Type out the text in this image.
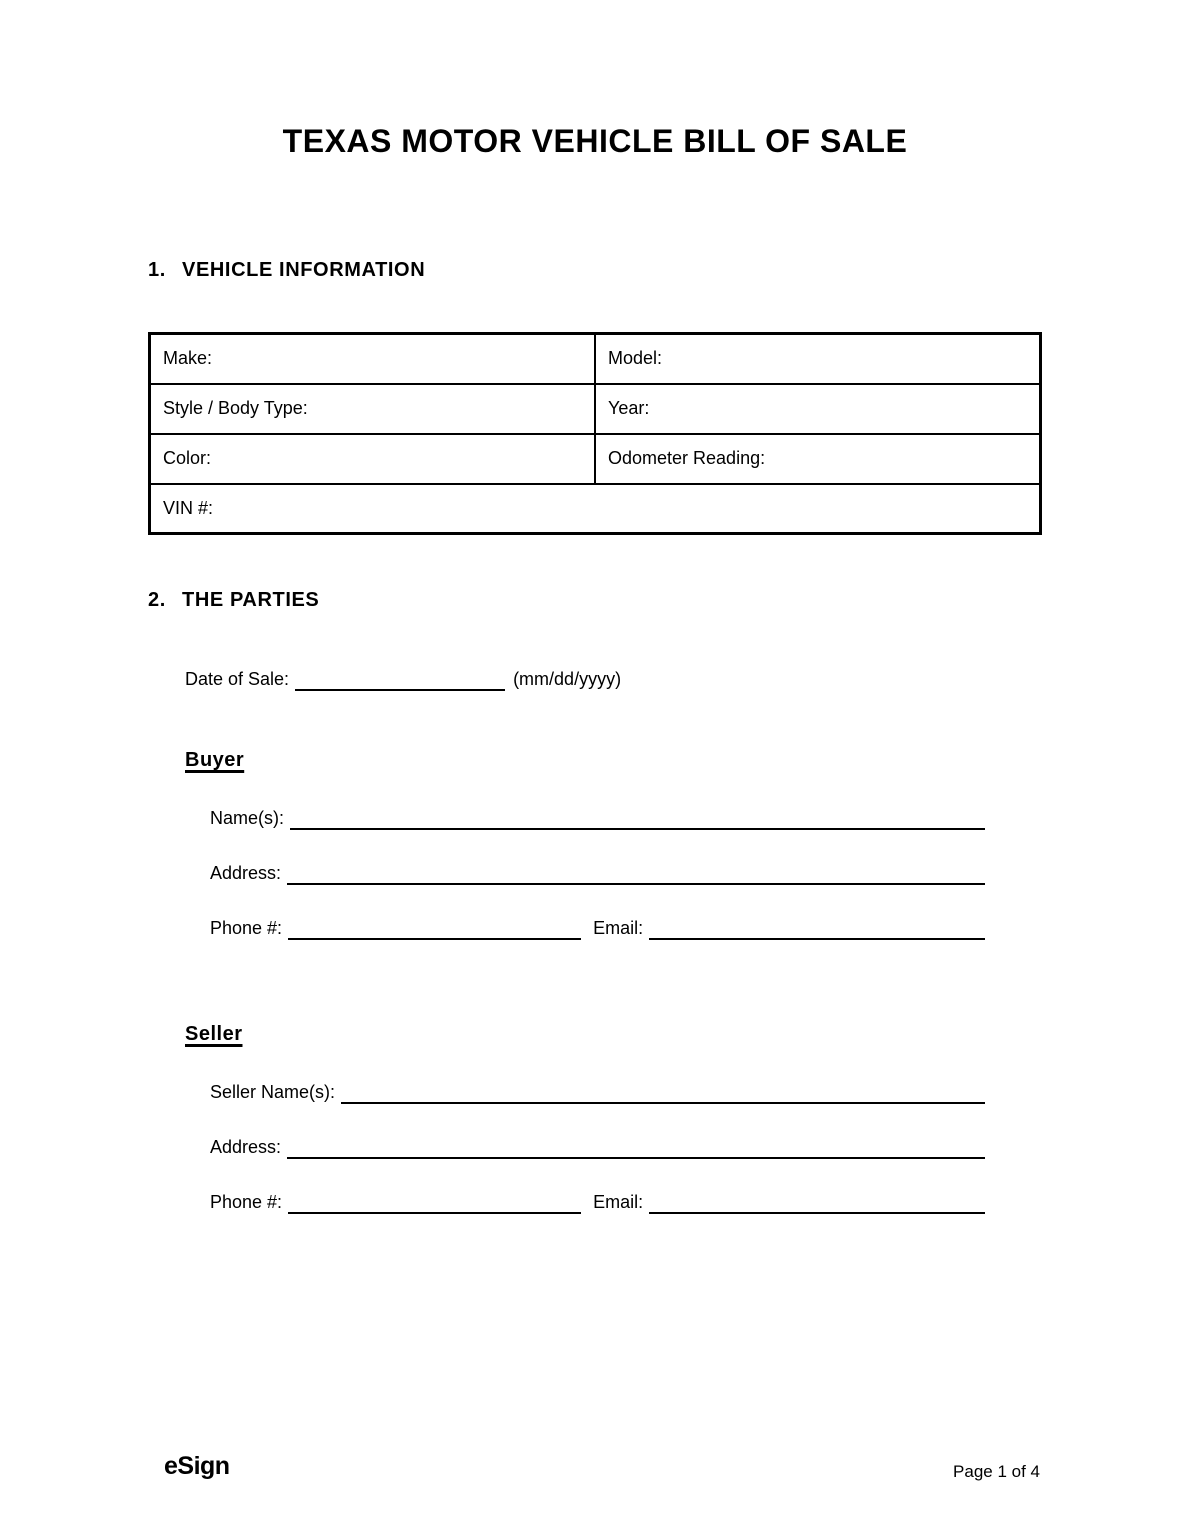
TEXAS MOTOR VEHICLE BILL OF SALE
1. VEHICLE INFORMATION
Make:	Model:
Style / Body Type:	Year:
Color:	Odometer Reading:
VIN #:	
2. THE PARTIES
Date of Sale:	(mm/dd/yyyy)
Buyer
Name(s):
Address:
Phone #:	Email:
Seller
Seller Name(s):
Address:
Phone #:	Email:
eSign	Page 1 of 4
